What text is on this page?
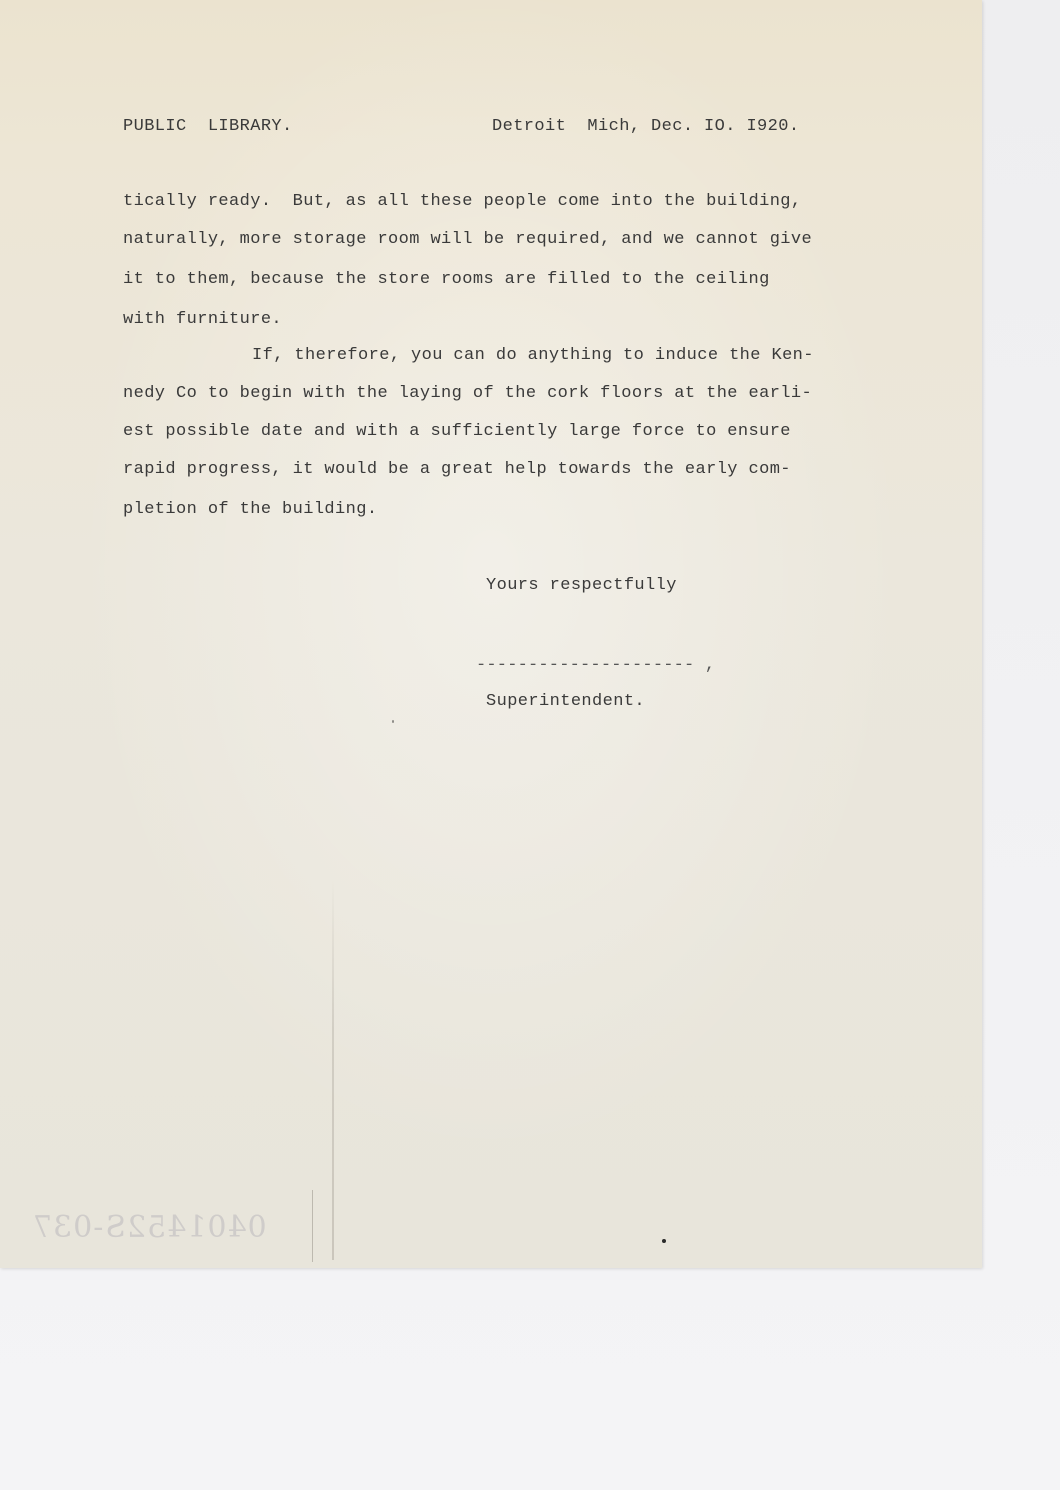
PUBLIC  LIBRARY.	Detroit  Mich, Dec. IO. I920.

tically ready.  But, as all these people come into the building,

naturally, more storage room will be required, and we cannot give

it to them, because the store rooms are filled to the ceiling

with furniture.

If, therefore, you can do anything to induce the Ken-

nedy Co to begin with the laying of the cork floors at the earli-

est possible date and with a sufficiently large force to ensure

rapid progress, it would be a great help towards the early com-

pletion of the building.

Yours respectfully

--------------------- ,

Superintendent.

0401452S-037
